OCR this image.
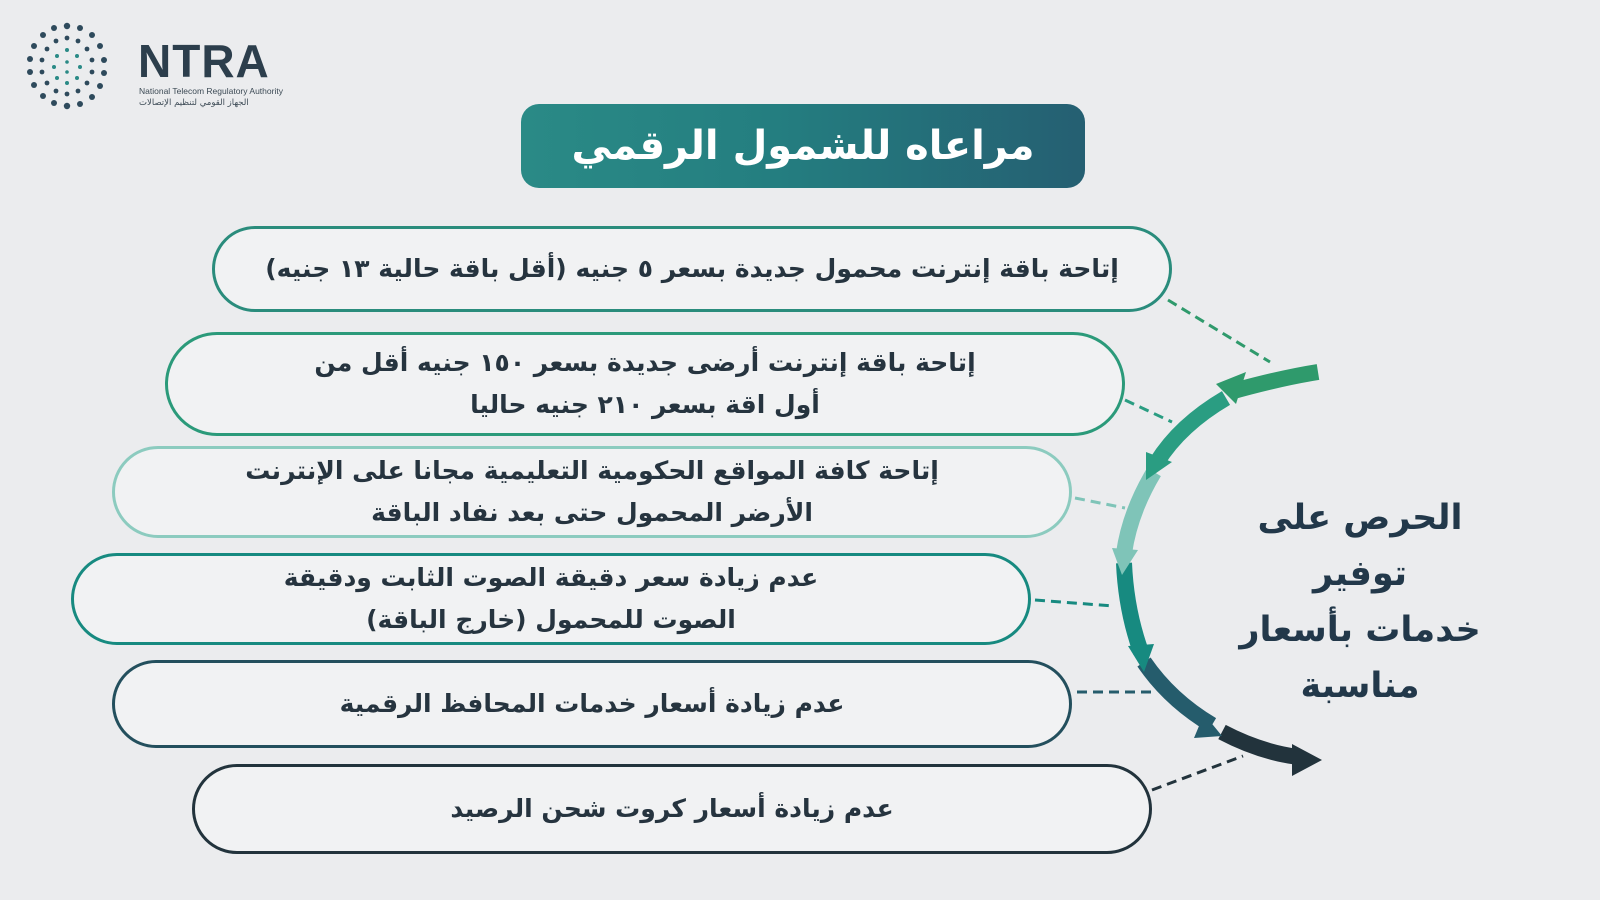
NTRA
National Telecom Regulatory Authority
الجهاز القومي لتنظيم الإتصالات
مراعاه للشمول الرقمي
إتاحة باقة إنترنت محمول جديدة بسعر ٥ جنيه (أقل باقة حالية ١٣ جنيه)
إتاحة باقة إنترنت أرضى جديدة بسعر ١٥٠ جنيه أقل من
أول اقة بسعر ٢١٠ جنيه حاليا
إتاحة كافة المواقع الحكومية التعليمية مجانا على الإنترنت
الأرضر المحمول حتى بعد نفاد الباقة
عدم زيادة سعر دقيقة الصوت الثابت ودقيقة
الصوت للمحمول (خارج الباقة)
عدم زيادة أسعار خدمات المحافظ الرقمية
عدم زيادة أسعار كروت شحن الرصيد
الحرص على توفير
خدمات بأسعار
مناسبة
